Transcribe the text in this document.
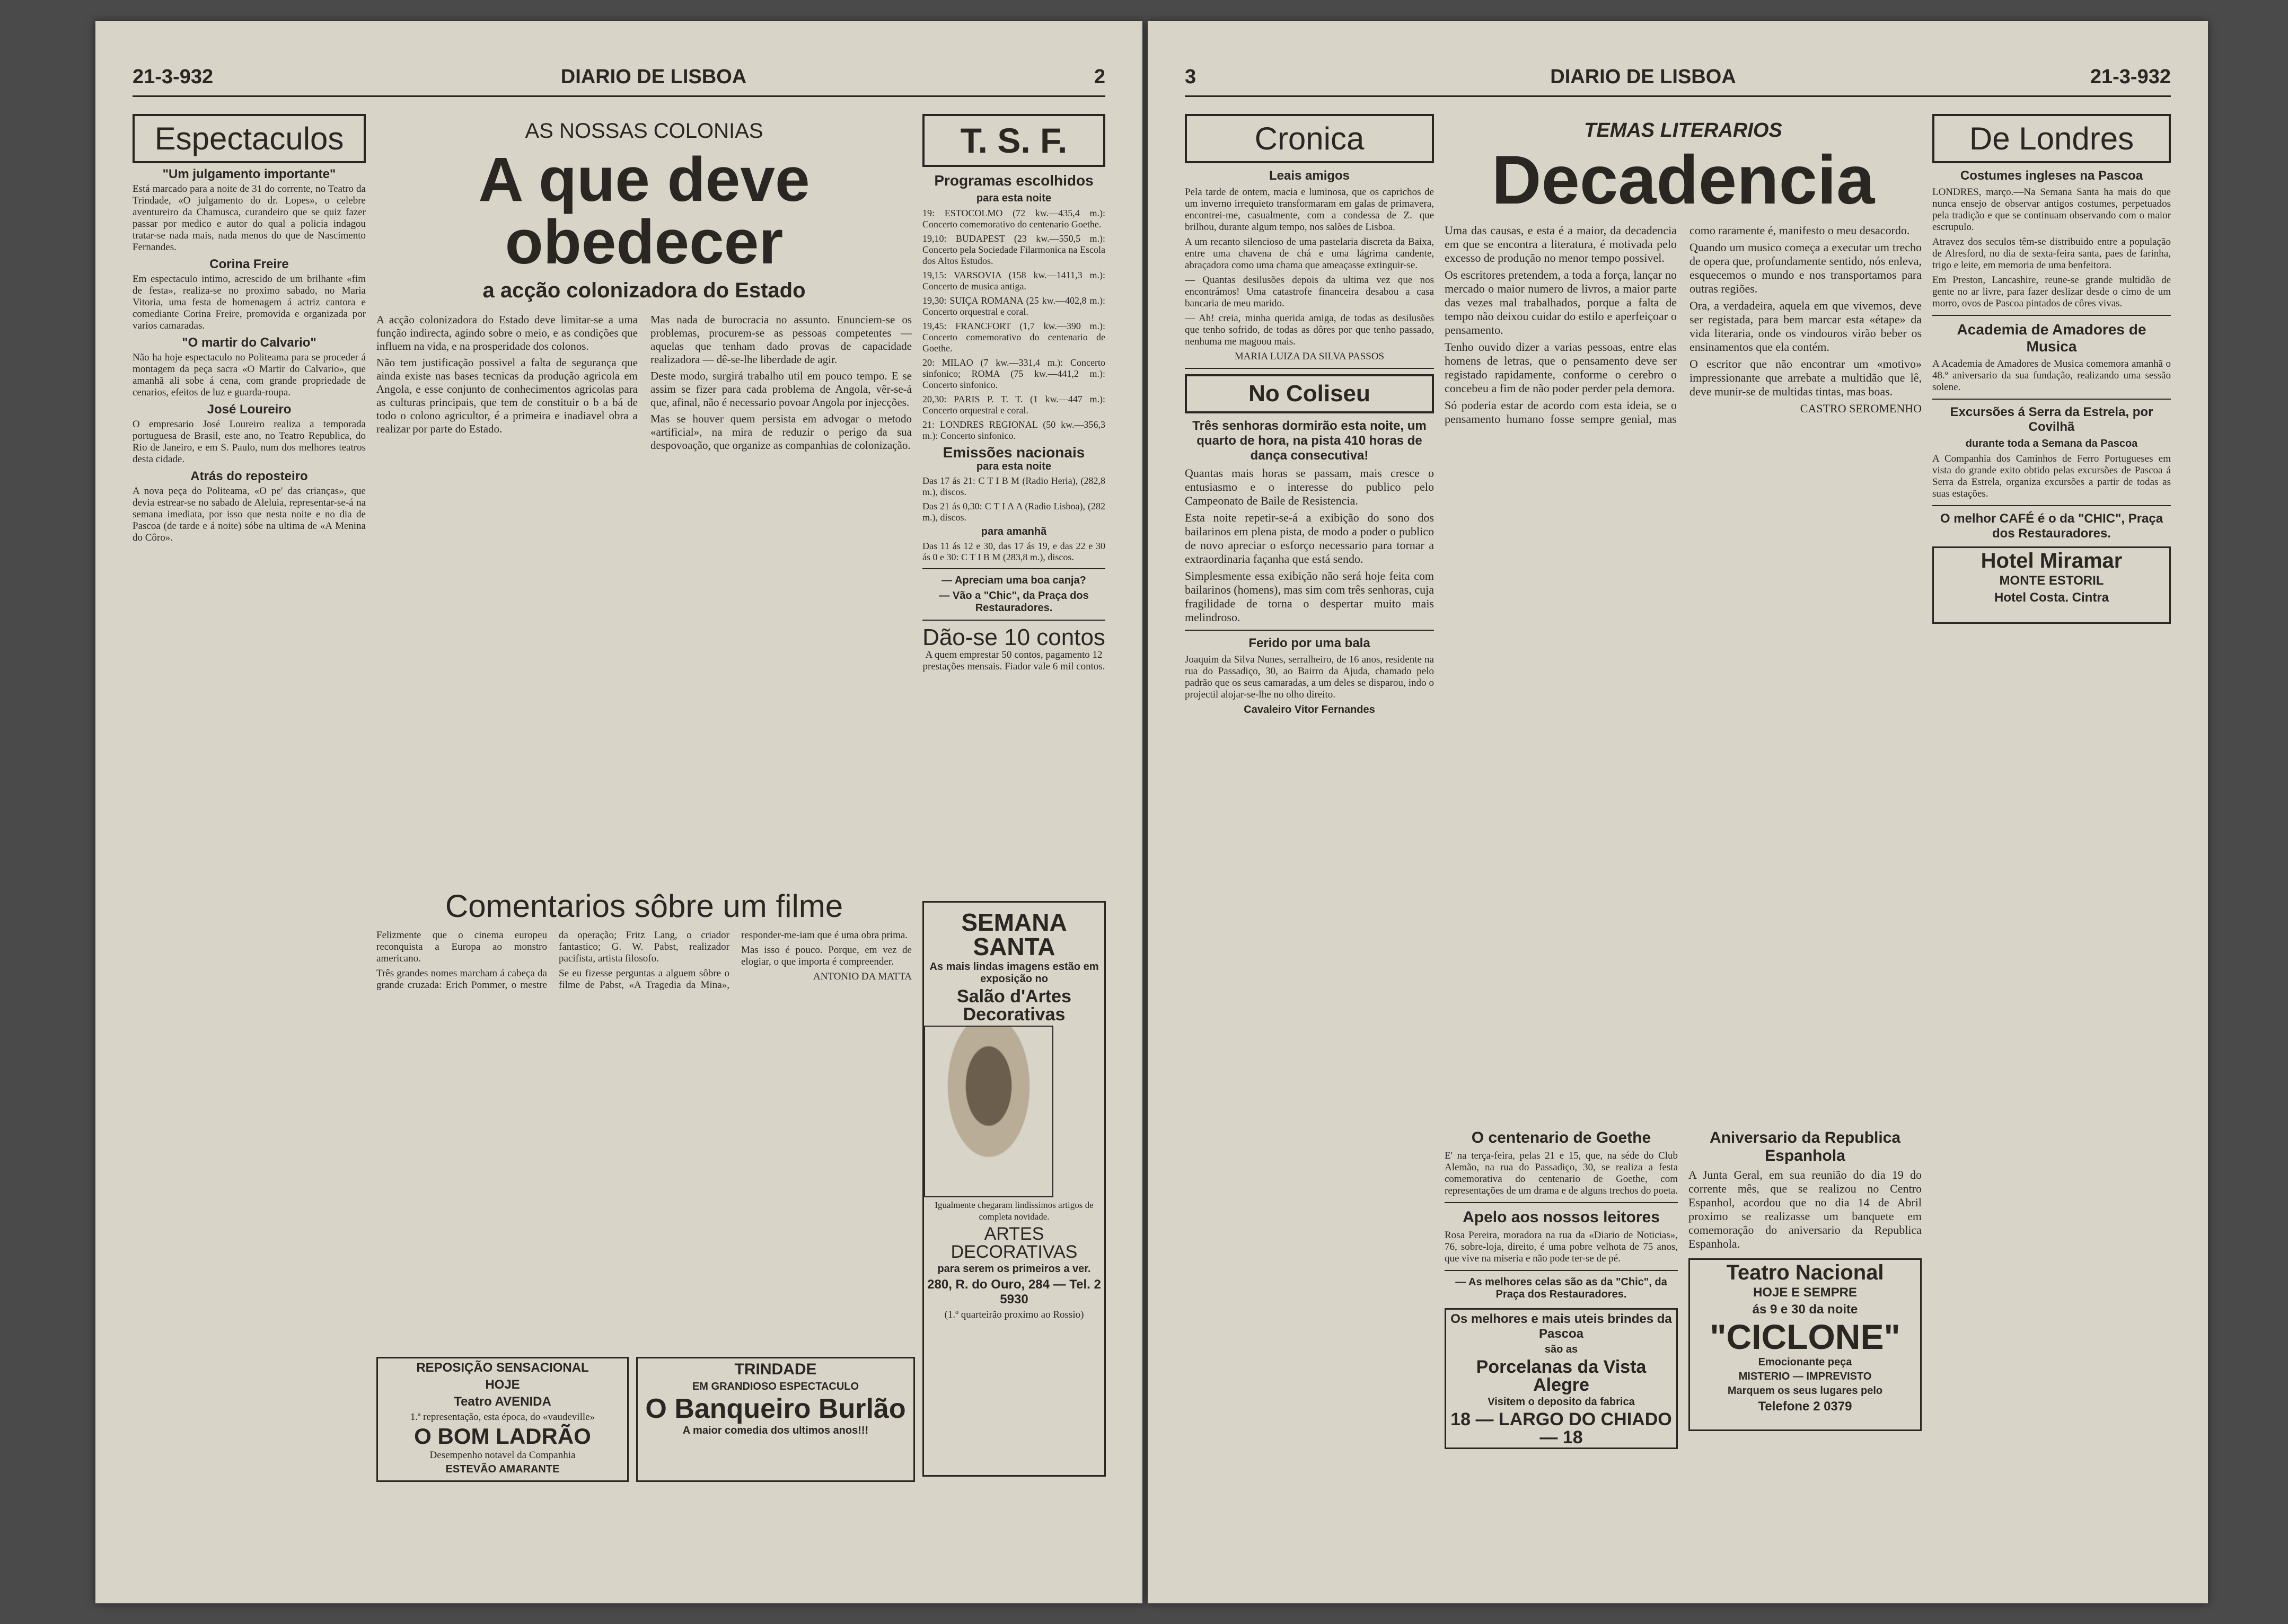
21-3-932	DIARIO DE LISBOA	2
Espectaculos
"Um julgamento importante"

Está marcado para a noite de 31 do corrente, no Teatro da Trindade, «O julgamento do dr. Lopes», o celebre aventureiro da Chamusca, curandeiro que se quiz fazer passar por medico e autor do qual a policia indagou tratar-se nada mais, nada menos do que de Nascimento Fernandes.

Corina Freire

Em espectaculo intimo, acrescido de um brilhante «fim de festa», realiza-se no proximo sabado, no Maria Vitoria, uma festa de homenagem á actriz cantora e comediante Corina Freire, promovida e organizada por varios camaradas.

"O martir do Calvario"

Não ha hoje espectaculo no Politeama para se proceder á montagem da peça sacra «O Martir do Calvario», que amanhã ali sobe á cena, com grande propriedade de cenarios, efeitos de luz e guarda-roupa.

José Loureiro

O empresario José Loureiro realiza a temporada portuguesa de Brasil, este ano, no Teatro Republica, do Rio de Janeiro, e em S. Paulo, num dos melhores teatros desta cidade.

Atrás do reposteiro

A nova peça do Politeama, «O pe' das crianças», que devia estrear-se no sabado de Aleluia, representar-se-á na semana imediata, por isso que nesta noite e no dia de Pascoa (de tarde e á noite) sóbe na ultima de «A Menina do Côro».

AS NOSSAS COLONIAS
A que deve obedecer
a acção colonizadora do Estado

A acção colonizadora do Estado deve limitar-se a uma função indirecta, agindo sobre o meio, e as condições que influem na vida, e na prosperidade dos colonos.

Não tem justificação possivel a falta de segurança que ainda existe nas bases tecnicas da produção agricola em Angola, e esse conjunto de conhecimentos agricolas para as culturas principais, que tem de constituir o b a bá de todo o colono agricultor, é a primeira e inadiavel obra a realizar por parte do Estado.

Mas nada de burocracia no assunto. Enunciem-se os problemas, procurem-se as pessoas competentes — aquelas que tenham dado provas de capacidade realizadora — dê-se-lhe liberdade de agir.

Deste modo, surgirá trabalho util em pouco tempo. E se assim se fizer para cada problema de Angola, vêr-se-á que, afinal, não é necessario povoar Angola por injecções.

Mas se houver quem persista em advogar o metodo «artificial», na mira de reduzir o perigo da sua despovoação, que organize as companhias de colonização.

T. S. F.
Programas escolhidos
para esta noite

19: ESTOCOLMO (72 kw.—435,4 m.): Concerto comemorativo do centenario Goethe.

19,10: BUDAPEST (23 kw.—550,5 m.): Concerto pela Sociedade Filarmonica na Escola dos Altos Estudos.

19,15: VARSOVIA (158 kw.—1411,3 m.): Concerto de musica antiga.

19,30: SUIÇA ROMANA (25 kw.—402,8 m.): Concerto orquestral e coral.

19,45: FRANCFORT (1,7 kw.—390 m.): Concerto comemorativo do centenario de Goethe.

20: MILAO (7 kw.—331,4 m.): Concerto sinfonico; ROMA (75 kw.—441,2 m.): Concerto sinfonico.

20,30: PARIS P. T. T. (1 kw.—447 m.): Concerto orquestral e coral.

21: LONDRES REGIONAL (50 kw.—356,3 m.): Concerto sinfonico.

Emissões nacionais
para esta noite

Das 17 ás 21: C T I B M (Radio Heria), (282,8 m.), discos.

Das 21 ás 0,30: C T I A A (Radio Lisboa), (282 m.), discos.

para amanhã

Das 11 ás 12 e 30, das 17 ás 19, e das 22 e 30 ás 0 e 30: C T I B M (283,8 m.), discos.

— Apreciam uma boa canja?
— Vão a "Chic", da Praça dos Restauradores.
Dão-se 10 contos
A quem emprestar 50 contos, pagamento 12 prestações mensais. Fiador vale 6 mil contos.
Comentarios sôbre um filme

Felizmente que o cinema europeu reconquista a Europa ao monstro americano.

Três grandes nomes marcham á cabeça da grande cruzada: Erich Pommer, o mestre da operação; Fritz Lang, o criador fantastico; G. W. Pabst, realizador pacifista, artista filosofo.

Se eu fizesse perguntas a alguem sôbre o filme de Pabst, «A Tragedia da Mina», responder-me-iam que é uma obra prima.

Mas isso é pouco. Porque, em vez de elogiar, o que importa é compreender.

ANTONIO DA MATTA

SEMANA SANTA
As mais lindas imagens estão em exposição no
Salão d'Artes Decorativas
Igualmente chegaram lindissimos artigos de completa novidade.
ARTES DECORATIVAS
para serem os primeiros a ver.
280, R. do Ouro, 284 — Tel. 2 5930
(1.º quarteirão proximo ao Rossio)
REPOSIÇÃO SENSACIONAL
HOJE
Teatro AVENIDA
1.ª representação, esta época, do «vaudeville»
O BOM LADRÃO
Desempenho notavel da Companhia
ESTEVÃO AMARANTE
TRINDADE
EM GRANDIOSO ESPECTACULO
O Banqueiro Burlão
A maior comedia dos ultimos anos!!!
3	DIARIO DE LISBOA	21-3-932
Cronica
Leais amigos

Pela tarde de ontem, macia e luminosa, que os caprichos de um inverno irrequieto transformaram em galas de primavera, encontrei-me, casualmente, com a condessa de Z. que brilhou, durante algum tempo, nos salões de Lisboa.

A um recanto silencioso de uma pastelaria discreta da Baixa, entre uma chavena de chá e uma lágrima candente, abraçadora como uma chama que ameaçasse extinguir-se.

— Quantas desilusões depois da ultima vez que nos encontrámos! Uma catastrofe financeira desabou a casa bancaria de meu marido.

— Ah! creia, minha querida amiga, de todas as desilusões que tenho sofrido, de todas as dôres por que tenho passado, nenhuma me magoou mais.

MARIA LUIZA DA SILVA PASSOS

No Coliseu
Três senhoras dormirão esta noite, um quarto de hora, na pista 410 horas de dança consecutiva!

Quantas mais horas se passam, mais cresce o entusiasmo e o interesse do publico pelo Campeonato de Baile de Resistencia.

Esta noite repetir-se-á a exibição do sono dos bailarinos em plena pista, de modo a poder o publico de novo apreciar o esforço necessario para tornar a extraordinaria façanha que está sendo.

Simplesmente essa exibição não será hoje feita com bailarinos (homens), mas sim com três senhoras, cuja fragilidade de torna o despertar muito mais melindroso.

Ferido por uma bala

Joaquim da Silva Nunes, serralheiro, de 16 anos, residente na rua do Passadiço, 30, ao Bairro da Ajuda, chamado pelo padrão que os seus camaradas, a um deles se disparou, indo o projectil alojar-se-lhe no olho direito.

Cavaleiro Vitor Fernandes
TEMAS LITERARIOS
Decadencia

Uma das causas, e esta é a maior, da decadencia em que se encontra a literatura, é motivada pelo excesso de produção no menor tempo possivel.

Os escritores pretendem, a toda a força, lançar no mercado o maior numero de livros, a maior parte das vezes mal trabalhados, porque a falta de tempo não deixou cuidar do estilo e aperfeiçoar o pensamento.

Tenho ouvido dizer a varias pessoas, entre elas homens de letras, que o pensamento deve ser registado rapidamente, conforme o cerebro o concebeu a fim de não poder perder pela demora.

Só poderia estar de acordo com esta ideia, se o pensamento humano fosse sempre genial, mas como raramente é, manifesto o meu desacordo.

Quando um musico começa a executar um trecho de opera que, profundamente sentido, nós enleva, esquecemos o mundo e nos transportamos para outras regiões.

Ora, a verdadeira, aquela em que vivemos, deve ser registada, para bem marcar esta «étape» da vida literaria, onde os vindouros virão beber os ensinamentos que ela contém.

O escritor que não encontrar um «motivo» impressionante que arrebate a multidão que lê, deve munir-se de multidas tintas, mas boas.

CASTRO SEROMENHO

O centenario de Goethe

E' na terça-feira, pelas 21 e 15, que, na séde do Club Alemão, na rua do Passadiço, 30, se realiza a festa comemorativa do centenario de Goethe, com representações de um drama e de alguns trechos do poeta.

Apelo aos nossos leitores

Rosa Pereira, moradora na rua da «Diario de Noticias», 76, sobre-loja, direito, é uma pobre velhota de 75 anos, que vive na miseria e não pode ter-se de pé.

— As melhores celas são as da "Chic", da Praça dos Restauradores.
Os melhores e mais uteis brindes da Pascoa
são as
Porcelanas da Vista Alegre
Visitem o deposito da fabrica
18 — LARGO DO CHIADO — 18
Aniversario da Republica Espanhola

A Junta Geral, em sua reunião do dia 19 do corrente mês, que se realizou no Centro Espanhol, acordou que no dia 14 de Abril proximo se realizasse um banquete em comemoração do aniversario da Republica Espanhola.

Teatro Nacional
HOJE E SEMPRE
ás 9 e 30 da noite
"CICLONE"
Emocionante peça
MISTERIO — IMPREVISTO
Marquem os seus lugares pelo
Telefone 2 0379
De Londres
Costumes ingleses na Pascoa

LONDRES, março.—Na Semana Santa ha mais do que nunca ensejo de observar antigos costumes, perpetuados pela tradição e que se continuam observando com o maior escrupulo.

Atravez dos seculos têm-se distribuido entre a população de Alresford, no dia de sexta-feira santa, paes de farinha, trigo e leite, em memoria de uma benfeitora.

Em Preston, Lancashire, reune-se grande multidão de gente no ar livre, para fazer deslizar desde o cimo de um morro, ovos de Pascoa pintados de côres vivas.

Academia de Amadores de Musica

A Academia de Amadores de Musica comemora amanhã o 48.º aniversario da sua fundação, realizando uma sessão solene.

Excursões á Serra da Estrela, por Covilhã
durante toda a Semana da Pascoa

A Companhia dos Caminhos de Ferro Portugueses em vista do grande exito obtido pelas excursões de Pascoa á Serra da Estrela, organiza excursões a partir de todas as suas estações.

O melhor CAFÉ é o da "CHIC", Praça dos Restauradores.
Hotel Miramar
MONTE ESTORIL
Hotel Costa. Cintra
